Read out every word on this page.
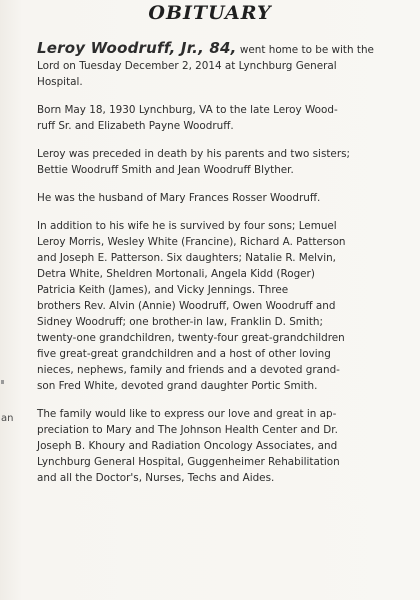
OBITUARY

Leroy Woodruff, Jr., 84, went home to be with the
Lord on Tuesday December 2, 2014 at Lynchburg General
Hospital.

Born May 18, 1930 Lynchburg, VA to the late Leroy Wood-
ruff Sr. and Elizabeth Payne Woodruff.

Leroy was preceded in death by his parents and two sisters;
Bettie Woodruff Smith and Jean Woodruff Blyther.

He was the husband of Mary Frances Rosser Woodruff.

In addition to his wife he is survived by four sons; Lemuel
Leroy Morris, Wesley White (Francine), Richard A. Patterson
and Joseph E. Patterson. Six daughters; Natalie R. Melvin,
Detra White, Sheldren Mortonali, Angela Kidd (Roger)
Patricia Keith (James), and Vicky Jennings. Three
brothers Rev. Alvin (Annie) Woodruff, Owen Woodruff and
Sidney Woodruff; one brother-in law, Franklin D. Smith;
twenty-one grandchildren, twenty-four great-grandchildren
five great-great grandchildren and a host of other loving
nieces, nephews, family and friends and a devoted grand-
son Fred White, devoted grand daughter Portic Smith.

The family would like to express our love and great in ap-
preciation to Mary and The Johnson Health Center and Dr.
Joseph B. Khoury and Radiation Oncology Associates, and
Lynchburg General Hospital, Guggenheimer Rehabilitation
and all the Doctor's, Nurses, Techs and Aides.

an
